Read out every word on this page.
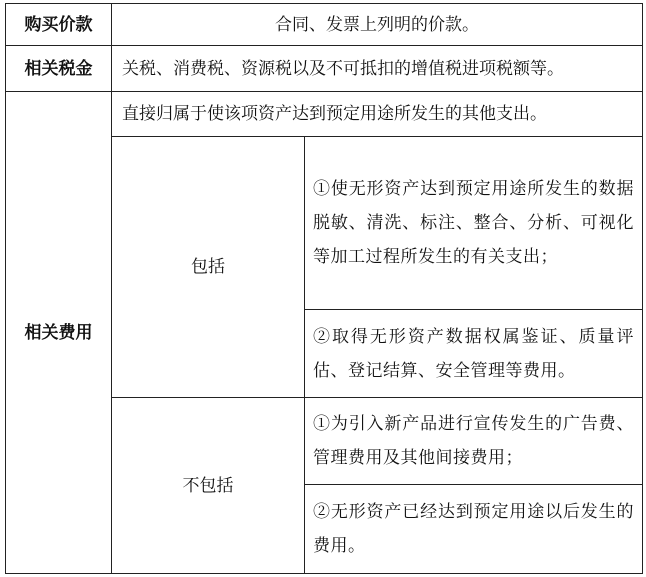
购买价款	合同、发票上列明的价款。	
相关税金	关税、消费税、资源税以及不可抵扣的增值税进项税额等。	
相关费用	直接归属于使该项资产达到预定用途所发生的其他支出。	
	包括	①使无形资产达到预定用途所发生的数据脱敏、清洗、标注、整合、分析、可视化等加工过程所发生的有关支出；
		②取得无形资产数据权属鉴证、质量评估、登记结算、安全管理等费用。
	不包括	①为引入新产品进行宣传发生的广告费、管理费用及其他间接费用；
		②无形资产已经达到预定用途以后发生的费用。
